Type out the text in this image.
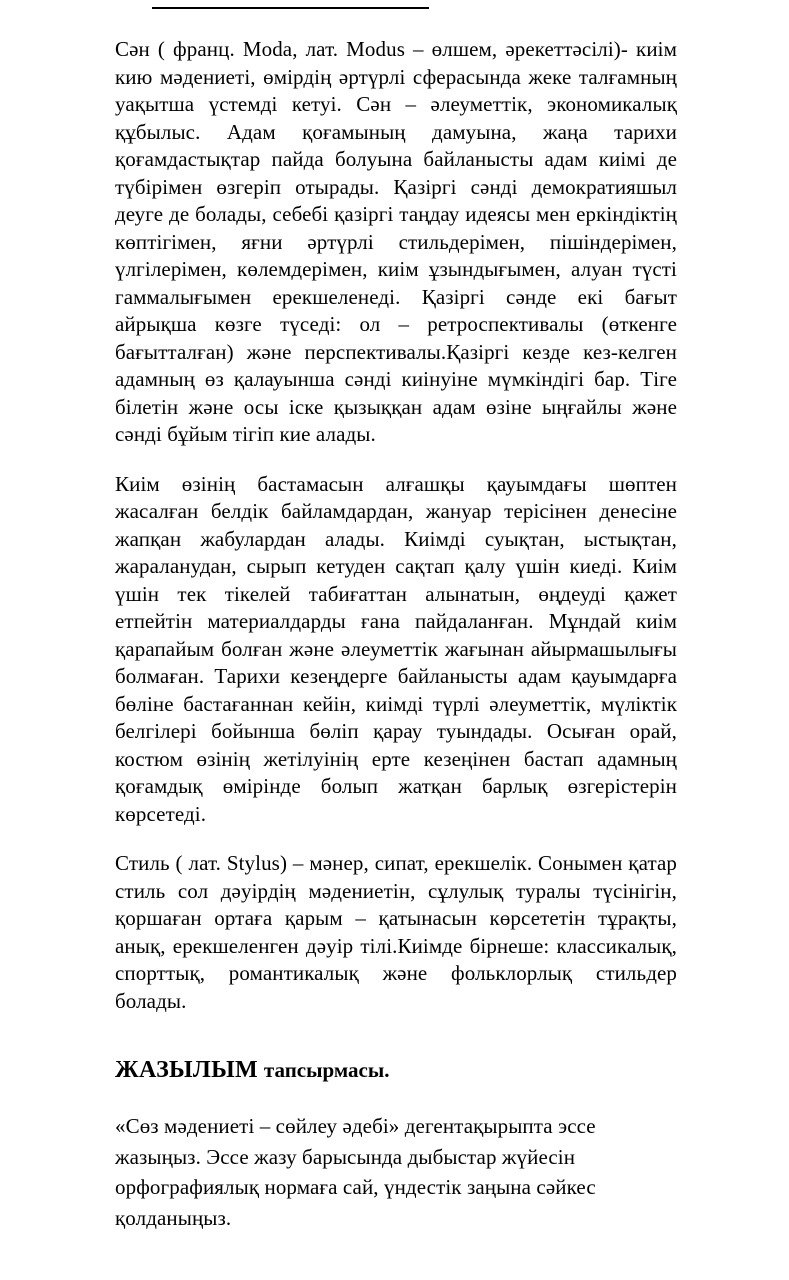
Сән ( франц. Moda, лат. Modus – өлшем, әрекеттәсілі)- киім кию мәдениеті, өмірдің әртүрлі сферасында жеке талғамның уақытша үстемді кетуі. Сән – әлеуметтік, экономикалық құбылыс. Адам қоғамының дамуына, жаңа тарихи қоғамдастықтар пайда болуына байланысты адам киімі де түбірімен өзгеріп отырады. Қазіргі сәнді демократияшыл деуге де болады, себебі қазіргі таңдау идеясы мен еркіндіктің көптігімен, яғни әртүрлі стильдерімен, пішіндерімен, үлгілерімен, көлемдерімен, киім ұзындығымен, алуан түсті гаммалығымен ерекшеленеді. Қазіргі сәнде екі бағыт айрықша көзге түседі: ол – ретроспективалы (өткенге бағытталған) және перспективалы.Қазіргі кезде кез-келген адамның өз қалауынша сәнді киінуіне мүмкіндігі бар. Тіге білетін және осы іске қызыққан адам өзіне ыңғайлы және сәнді бұйым тігіп кие алады.

Киім өзінің бастамасын алғашқы қауымдағы шөптен жасалған белдік байламдардан, жануар терісінен денесіне жапқан жабулардан алады. Киімді суықтан, ыстықтан, жараланудан, сырып кетуден сақтап қалу үшін киеді. Киім үшін тек тікелей табиғаттан алынатын, өңдеуді қажет етпейтін материалдарды ғана пайдаланған. Мұндай киім қарапайым болған және әлеуметтік жағынан айырмашылығы болмаған. Тарихи кезеңдерге байланысты адам қауымдарға бөліне бастағаннан кейін, киімді түрлі әлеуметтік, мүліктік белгілері бойынша бөліп қарау туындады. Осыған орай, костюм өзінің жетілуінің ерте кезеңінен бастап адамның қоғамдық өмірінде болып жатқан барлық өзгерістерін көрсетеді.

Стиль ( лат. Stylus) – мәнер, сипат, ерекшелік. Сонымен қатар стиль сол дәуірдің мәдениетін, сұлулық туралы түсінігін, қоршаған ортаға қарым – қатынасын көрсететін тұрақты, анық, ерекшеленген дәуір тілі.Киімде бірнеше: классикалық, спорттық, романтикалық және фольклорлық стильдер болады.

ЖАЗЫЛЫМ тапсырмасы.

«Сөз мәдениеті – сөйлеу әдебі» дегентақырыпта эссе жазыңыз. Эссе жазу барысында дыбыстар жүйесін орфографиялық нормаға сай, үндестік заңына сәйкес қолданыңыз.
